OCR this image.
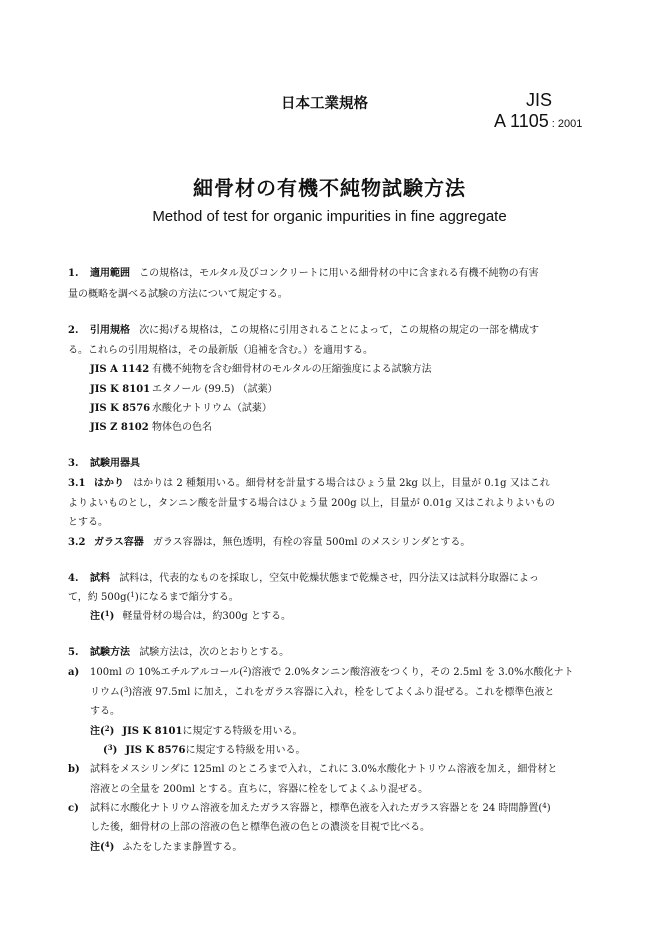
日本工業規格	JIS
A 1105 : 2001
細骨材の有機不純物試験方法
Method of test for organic impurities in fine aggregate
1. 適用範囲 この規格は，モルタル及びコンクリートに用いる細骨材の中に含まれる有機不純物の有害
量の概略を調べる試験の方法について規定する。
2. 引用規格 次に掲げる規格は，この規格に引用されることによって，この規格の規定の一部を構成す
る。これらの引用規格は，その最新版（追補を含む。）を適用する。
JIS A 1142 有機不純物を含む細骨材のモルタルの圧縮強度による試験方法
JIS K 8101 エタノール (99.5) （試薬）
JIS K 8576 水酸化ナトリウム（試薬）
JIS Z 8102 物体色の色名
3. 試験用器具
3.1 はかり はかりは 2 種類用いる。細骨材を計量する場合はひょう量 2kg 以上，目量が 0.1g 又はこれ
よりよいものとし，タンニン酸を計量する場合はひょう量 200g 以上，目量が 0.01g 又はこれよりよいもの
とする。
3.2 ガラス容器 ガラス容器は，無色透明，有栓の容量 500ml のメスシリンダとする。
4. 試料 試料は，代表的なものを採取し，空気中乾燥状態まで乾燥させ，四分法又は試料分取器によっ
て，約 500g($^1$)になるまで縮分する。
注($^1$) 軽量骨材の場合は，約300g とする。
5. 試験方法 試験方法は，次のとおりとする。
a) 100ml の 10%エチルアルコール($^2$)溶液で 2.0%タンニン酸溶液をつくり，その 2.5ml を 3.0%水酸化ナト
リウム($^3$)溶液 97.5ml に加え，これをガラス容器に入れ，栓をしてよくふり混ぜる。これを標準色液と
する。
注($^2$) JIS K 8101に規定する特級を用いる。
($^3$) JIS K 8576に規定する特級を用いる。
b) 試料をメスシリンダに 125ml のところまで入れ，これに 3.0%水酸化ナトリウム溶液を加え，細骨材と
溶液との全量を 200ml とする。直ちに，容器に栓をしてよくふり混ぜる。
c) 試料に水酸化ナトリウム溶液を加えたガラス容器と，標準色液を入れたガラス容器とを 24 時間静置($^4$)
した後，細骨材の上部の溶液の色と標準色液の色との濃淡を目視で比べる。
注($^4$) ふたをしたまま静置する。
